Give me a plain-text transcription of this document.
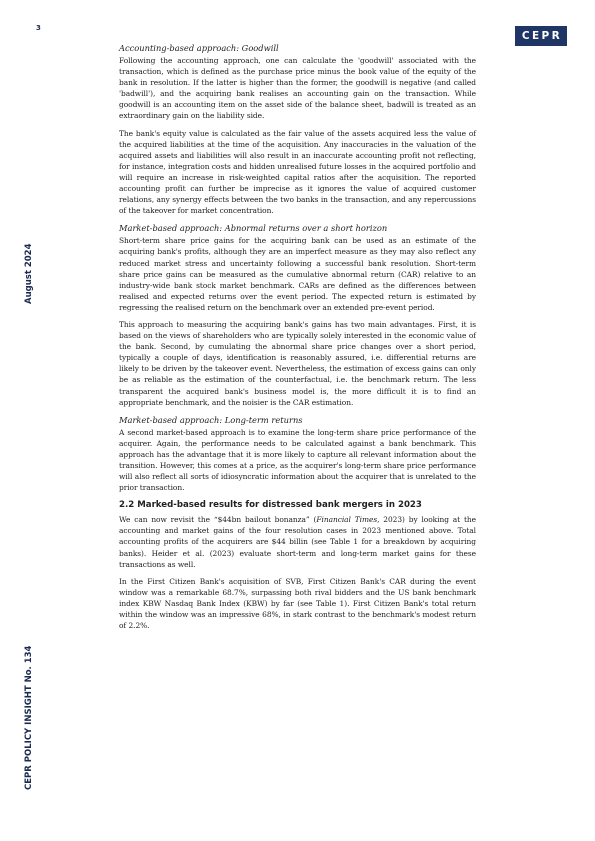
3
CEPR
August 2024
CEPR POLICY INSIGHT No. 134
Accounting-based approach: Goodwill

Following the accounting approach, one can calculate the 'goodwill' associated with the transaction, which is defined as the purchase price minus the book value of the equity of the bank in resolution. If the latter is higher than the former, the goodwill is negative (and called 'badwill'), and the acquiring bank realises an accounting gain on the transaction. While goodwill is an accounting item on the asset side of the balance sheet, badwill is treated as an extraordinary gain on the liability side.

The bank's equity value is calculated as the fair value of the assets acquired less the value of the acquired liabilities at the time of the acquisition. Any inaccuracies in the valuation of the acquired assets and liabilities will also result in an inaccurate accounting profit not reflecting, for instance, integration costs and hidden unrealised future losses in the acquired portfolio and will require an increase in risk-weighted capital ratios after the acquisition. The reported accounting profit can further be imprecise as it ignores the value of acquired customer relations, any synergy effects between the two banks in the transaction, and any repercussions of the takeover for market concentration.

Market-based approach: Abnormal returns over a short horizon

Short-term share price gains for the acquiring bank can be used as an estimate of the acquiring bank's profits, although they are an imperfect measure as they may also reflect any reduced market stress and uncertainty following a successful bank resolution. Short-term share price gains can be measured as the cumulative abnormal return (CAR) relative to an industry-wide bank stock market benchmark. CARs are defined as the differences between realised and expected returns over the event period. The expected return is estimated by regressing the realised return on the benchmark over an extended pre-event period.

This approach to measuring the acquiring bank's gains has two main advantages. First, it is based on the views of shareholders who are typically solely interested in the economic value of the bank. Second, by cumulating the abnormal share price changes over a short period, typically a couple of days, identification is reasonably assured, i.e. differential returns are likely to be driven by the takeover event. Nevertheless, the estimation of excess gains can only be as reliable as the estimation of the counterfactual, i.e. the benchmark return. The less transparent the acquired bank's business model is, the more difficult it is to find an appropriate benchmark, and the noisier is the CAR estimation.

Market-based approach: Long-term returns

A second market-based approach is to examine the long-term share price performance of the acquirer. Again, the performance needs to be calculated against a bank benchmark. This approach has the advantage that it is more likely to capture all relevant information about the transition. However, this comes at a price, as the acquirer's long-term share price performance will also reflect all sorts of idiosyncratic information about the acquirer that is unrelated to the prior transaction.

2.2 Marked-based results for distressed bank mergers in 2023

We can now revisit the “$44bn bailout bonanza” (Financial Times, 2023) by looking at the accounting and market gains of the four resolution cases in 2023 mentioned above. Total accounting profits of the acquirers are $44 billin (see Table 1 for a breakdown by acquiring banks). Heider et al. (2023) evaluate short-term and long-term market gains for these transactions as well.

In the First Citizen Bank's acquisition of SVB, First Citizen Bank's CAR during the event window was a remarkable 68.7%, surpassing both rival bidders and the US bank benchmark index KBW Nasdaq Bank Index (KBW) by far (see Table 1). First Citizen Bank's total return within the window was an impressive 68%, in stark contrast to the benchmark's modest return of 2.2%.
